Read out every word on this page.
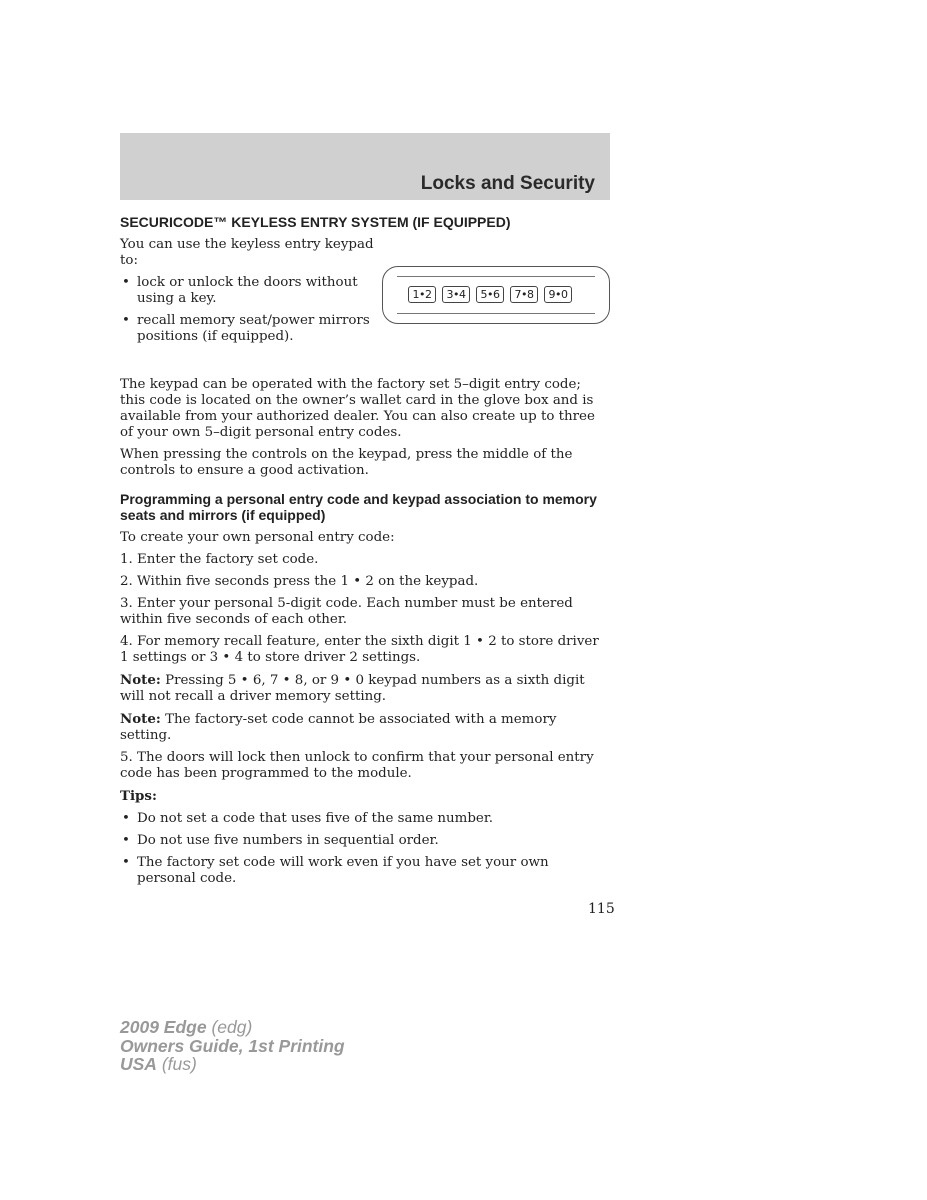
Locks and Security
SECURICODE™ KEYLESS ENTRY SYSTEM (IF EQUIPPED)

You can use the keyless entry keypad to:

• lock or unlock the doors without using a key.
• recall memory seat/power mirrors positions (if equipped).
1•2	3•4	5•6	7•8	9•0

The keypad can be operated with the factory set 5–digit entry code; this code is located on the owner’s wallet card in the glove box and is available from your authorized dealer. You can also create up to three of your own 5–digit personal entry codes.

When pressing the controls on the keypad, press the middle of the controls to ensure a good activation.

Programming a personal entry code and keypad association to memory seats and mirrors (if equipped)

To create your own personal entry code:

1. Enter the factory set code.

2. Within five seconds press the 1 • 2 on the keypad.

3. Enter your personal 5-digit code. Each number must be entered within five seconds of each other.

4. For memory recall feature, enter the sixth digit 1 • 2 to store driver 1 settings or 3 • 4 to store driver 2 settings.

Note: Pressing 5 • 6, 7 • 8, or 9 • 0 keypad numbers as a sixth digit will not recall a driver memory setting.

Note: The factory-set code cannot be associated with a memory setting.

5. The doors will lock then unlock to confirm that your personal entry code has been programmed to the module.

Tips:

• Do not set a code that uses five of the same number.
• Do not use five numbers in sequential order.
• The factory set code will work even if you have set your own personal code.
115
2009 Edge (edg)
Owners Guide, 1st Printing
USA (fus)
